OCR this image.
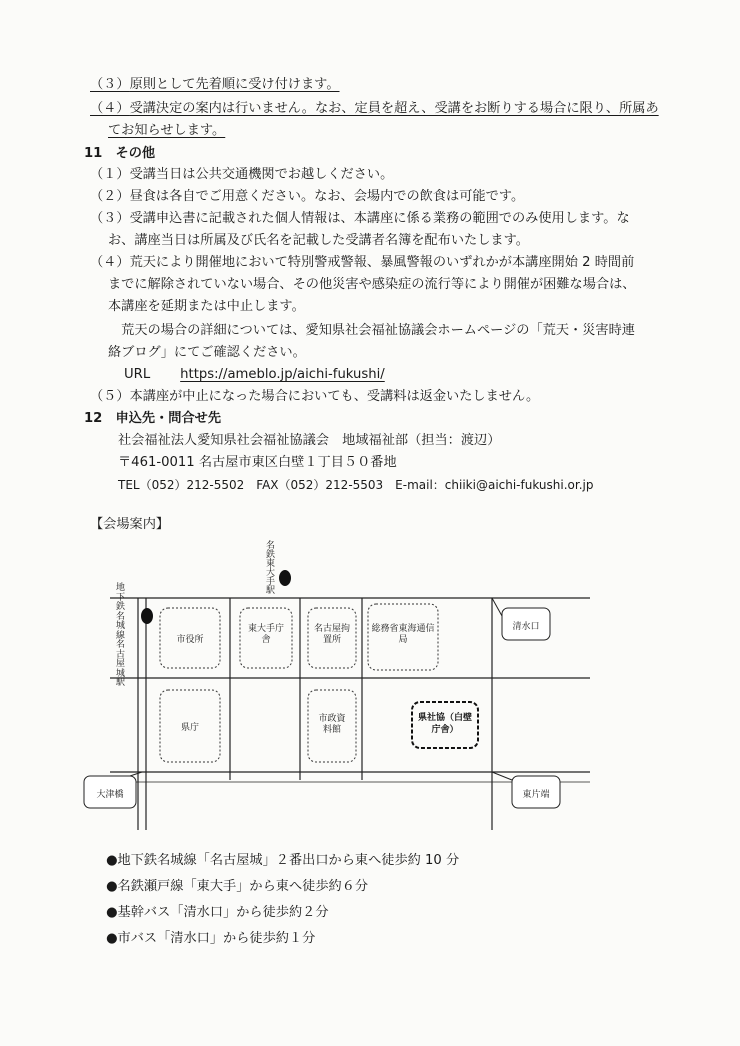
（３）原則として先着順に受け付けます。
（４）受講決定の案内は行いません。なお、定員を超え、受講をお断りする場合に限り、所属あ
てお知らせします。
11　その他
（１）受講当日は公共交通機関でお越しください。
（２）昼食は各自でご用意ください。なお、会場内での飲食は可能です。
（３）受講申込書に記載された個人情報は、本講座に係る業務の範囲でのみ使用します。な
お、講座当日は所属及び氏名を記載した受講者名簿を配布いたします。
（４）荒天により開催地において特別警戒警報、暴風警報のいずれかが本講座開始 2 時間前
までに解除されていない場合、その他災害や感染症の流行等により開催が困難な場合は、
本講座を延期または中止します。
　荒天の場合の詳細については、愛知県社会福祉協議会ホームページの「荒天・災害時連
絡ブログ」にてご確認ください。
URL https://ameblo.jp/aichi-fukushi/
（５）本講座が中止になった場合においても、受講料は返金いたしません。
12　申込先・問合せ先
社会福祉法人愛知県社会福祉協議会　地域福祉部（担当：渡辺）
〒461-0011 名古屋市東区白壁１丁目５０番地
TEL（052）212-5502　FAX（052）212-5503　E-mail：chiiki@aichi-fukushi.or.jp
【会場案内】
名鉄東大手駅
地下鉄名城線名古屋城駅
市役所
東大手庁舎
名古屋拘置所
総務省東海通信局
県庁
市政資料館
県社協（白壁庁舎）
清水口
大津橋	東片端
●地下鉄名城線「名古屋城」２番出口から東へ徒歩約 10 分
●名鉄瀬戸線「東大手」から東へ徒歩約６分
●基幹バス「清水口」から徒歩約２分
●市バス「清水口」から徒歩約１分
